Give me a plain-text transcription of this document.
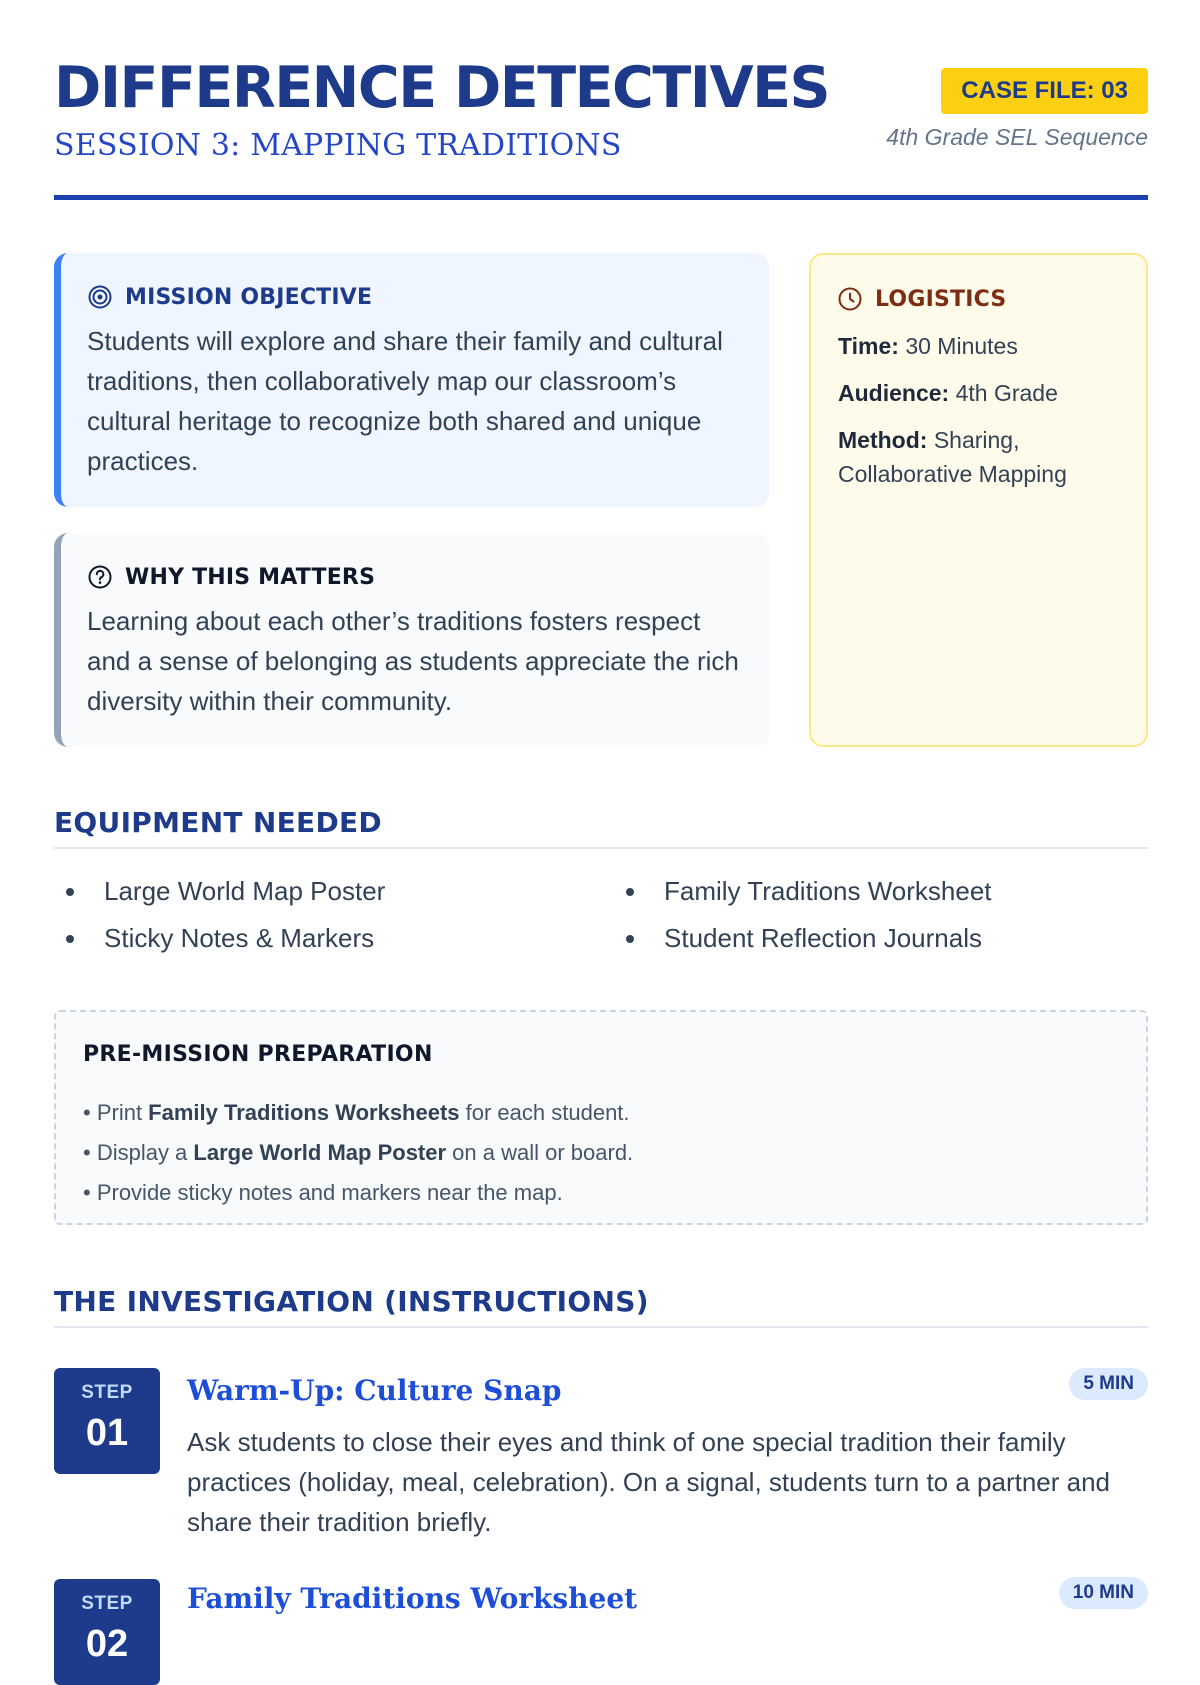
DIFFERENCE DETECTIVES
SESSION 3: MAPPING TRADITIONS
CASE FILE: 03
4th Grade SEL Sequence
MISSION OBJECTIVE
Students will explore and share their family and cultural traditions, then collaboratively map our classroom’s cultural heritage to recognize both shared and unique practices.
WHY THIS MATTERS
Learning about each other’s traditions fosters respect and a sense of belonging as students appreciate the rich diversity within their community.
LOGISTICS
Time: 30 Minutes
Audience: 4th Grade
Method: Sharing, Collaborative Mapping
EQUIPMENT NEEDED
Large World Map Poster
Sticky Notes & Markers
Family Traditions Worksheet
Student Reflection Journals
PRE-MISSION PREPARATION
• Print Family Traditions Worksheets for each student.
• Display a Large World Map Poster on a wall or board.
• Provide sticky notes and markers near the map.
THE INVESTIGATION (INSTRUCTIONS)
STEP
01
Warm-Up: Culture Snap	5 MIN
Ask students to close their eyes and think of one special tradition their family practices (holiday, meal, celebration). On a signal, students turn to a partner and share their tradition briefly.
STEP
02
Family Traditions Worksheet	10 MIN
